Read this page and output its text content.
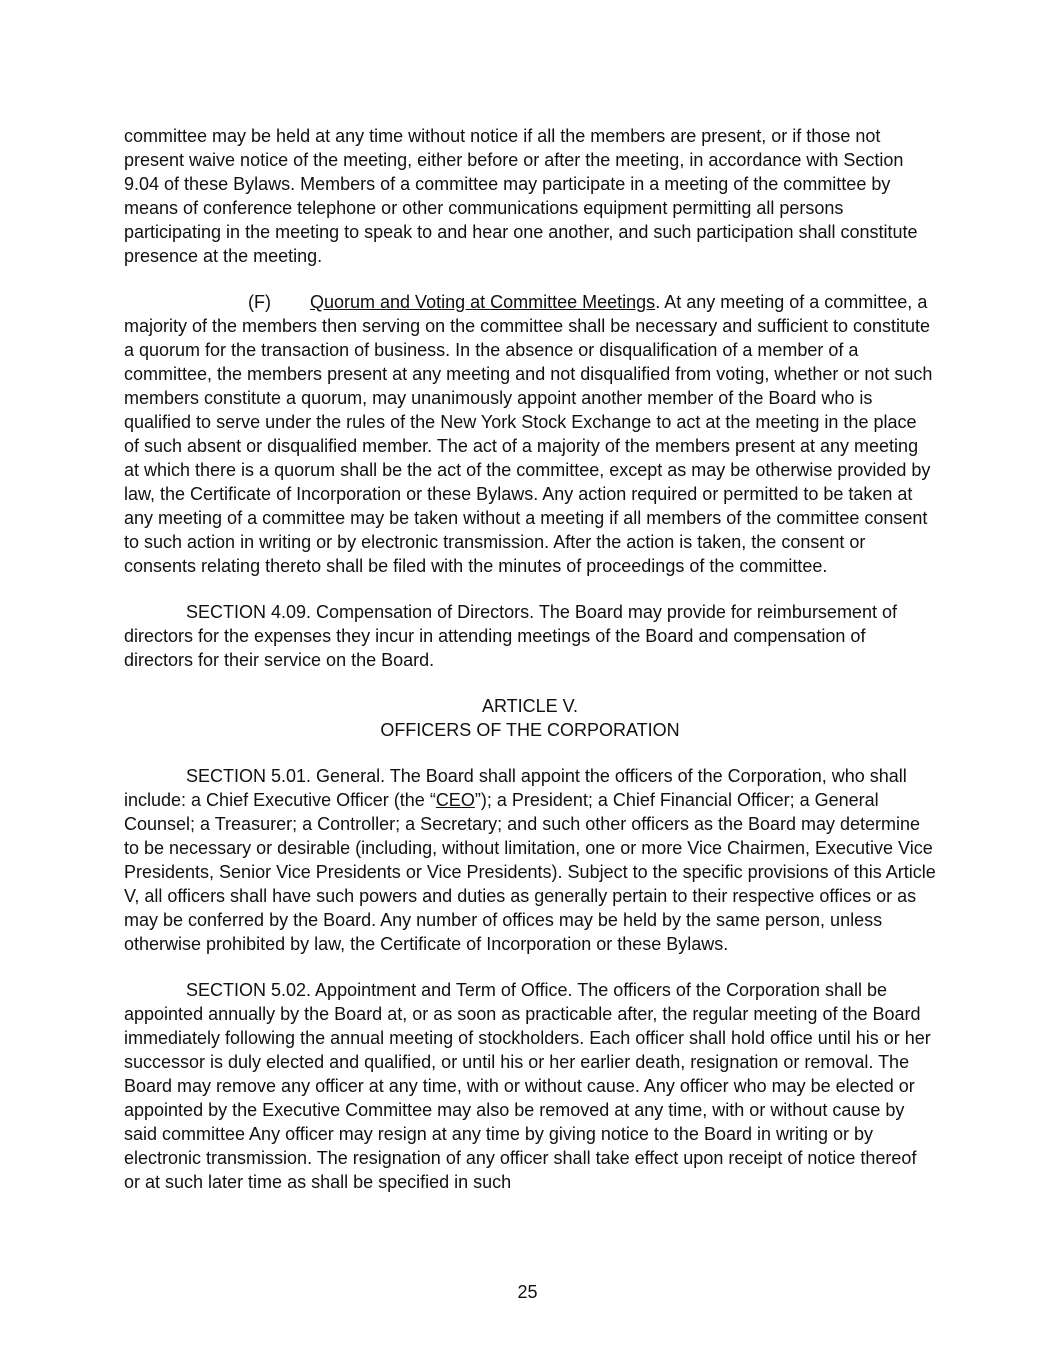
committee may be held at any time without notice if all the members are present, or if those not present waive notice of the meeting, either before or after the meeting, in accordance with Section 9.04 of these Bylaws. Members of a committee may participate in a meeting of the committee by means of conference telephone or other communications equipment permitting all persons participating in the meeting to speak to and hear one another, and such participation shall constitute presence at the meeting.

(F) Quorum and Voting at Committee Meetings. At any meeting of a committee, a majority of the members then serving on the committee shall be necessary and sufficient to constitute a quorum for the transaction of business. In the absence or disqualification of a member of a committee, the members present at any meeting and not disqualified from voting, whether or not such members constitute a quorum, may unanimously appoint another member of the Board who is qualified to serve under the rules of the New York Stock Exchange to act at the meeting in the place of such absent or disqualified member. The act of a majority of the members present at any meeting at which there is a quorum shall be the act of the committee, except as may be otherwise provided by law, the Certificate of Incorporation or these Bylaws. Any action required or permitted to be taken at any meeting of a committee may be taken without a meeting if all members of the committee consent to such action in writing or by electronic transmission. After the action is taken, the consent or consents relating thereto shall be filed with the minutes of proceedings of the committee.

SECTION 4.09. Compensation of Directors. The Board may provide for reimbursement of directors for the expenses they incur in attending meetings of the Board and compensation of directors for their service on the Board.

ARTICLE V.
OFFICERS OF THE CORPORATION

SECTION 5.01. General. The Board shall appoint the officers of the Corporation, who shall include: a Chief Executive Officer (the “CEO”); a President; a Chief Financial Officer; a General Counsel; a Treasurer; a Controller; a Secretary; and such other officers as the Board may determine to be necessary or desirable (including, without limitation, one or more Vice Chairmen, Executive Vice Presidents, Senior Vice Presidents or Vice Presidents). Subject to the specific provisions of this Article V, all officers shall have such powers and duties as generally pertain to their respective offices or as may be conferred by the Board. Any number of offices may be held by the same person, unless otherwise prohibited by law, the Certificate of Incorporation or these Bylaws.

SECTION 5.02. Appointment and Term of Office. The officers of the Corporation shall be appointed annually by the Board at, or as soon as practicable after, the regular meeting of the Board immediately following the annual meeting of stockholders. Each officer shall hold office until his or her successor is duly elected and qualified, or until his or her earlier death, resignation or removal. The Board may remove any officer at any time, with or without cause. Any officer who may be elected or appointed by the Executive Committee may also be removed at any time, with or without cause by said committee Any officer may resign at any time by giving notice to the Board in writing or by electronic transmission. The resignation of any officer shall take effect upon receipt of notice thereof or at such later time as shall be specified in such

25
